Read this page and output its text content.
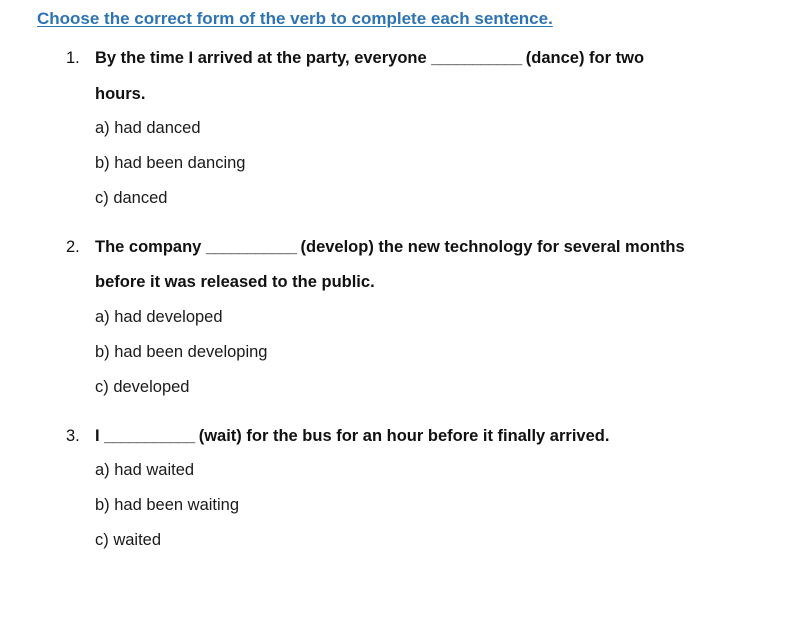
Choose the correct form of the verb to complete each sentence.
1. By the time I arrived at the party, everyone ___________ (dance) for two
hours.
a) had danced
b) had been dancing
c) danced
2. The company ___________ (develop) the new technology for several months
before it was released to the public.
a) had developed
b) had been developing
c) developed
3. I ___________ (wait) for the bus for an hour before it finally arrived.
a) had waited
b) had been waiting
c) waited
